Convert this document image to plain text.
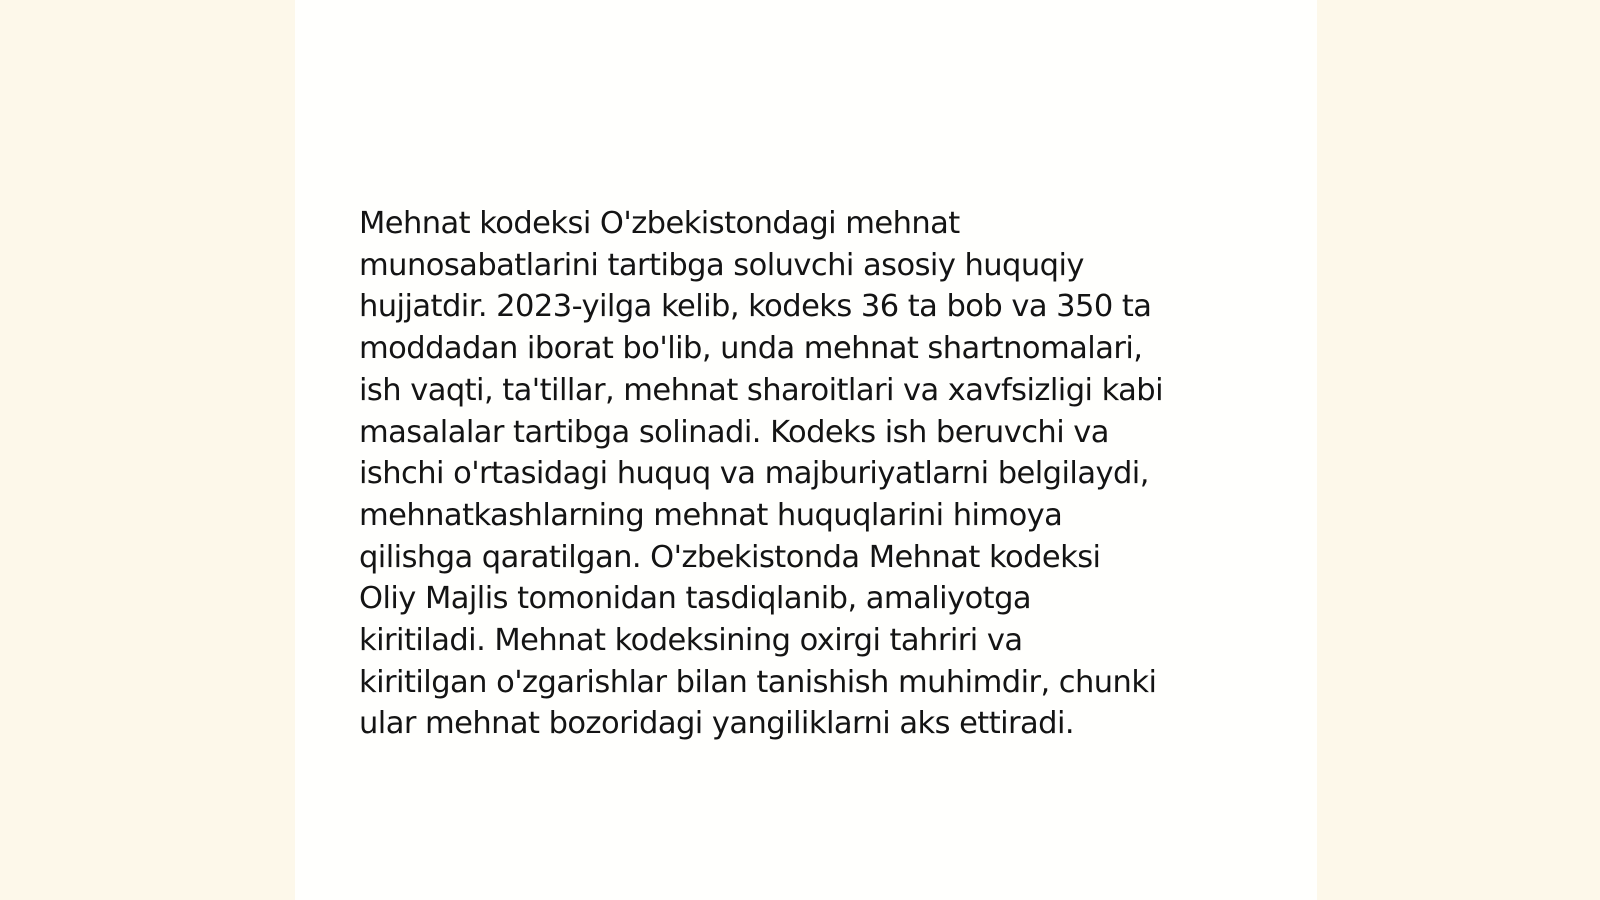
Mehnat kodeksi O'zbekistondagi mehnat
munosabatlarini tartibga soluvchi asosiy huquqiy
hujjatdir. 2023-yilga kelib, kodeks 36 ta bob va 350 ta
moddadan iborat bo'lib, unda mehnat shartnomalari,
ish vaqti, ta'tillar, mehnat sharoitlari va xavfsizligi kabi
masalalar tartibga solinadi. Kodeks ish beruvchi va
ishchi o'rtasidagi huquq va majburiyatlarni belgilaydi,
mehnatkashlarning mehnat huquqlarini himoya
qilishga qaratilgan. O'zbekistonda Mehnat kodeksi
Oliy Majlis tomonidan tasdiqlanib, amaliyotga
kiritiladi. Mehnat kodeksining oxirgi tahriri va
kiritilgan o'zgarishlar bilan tanishish muhimdir, chunki
ular mehnat bozoridagi yangiliklarni aks ettiradi.
